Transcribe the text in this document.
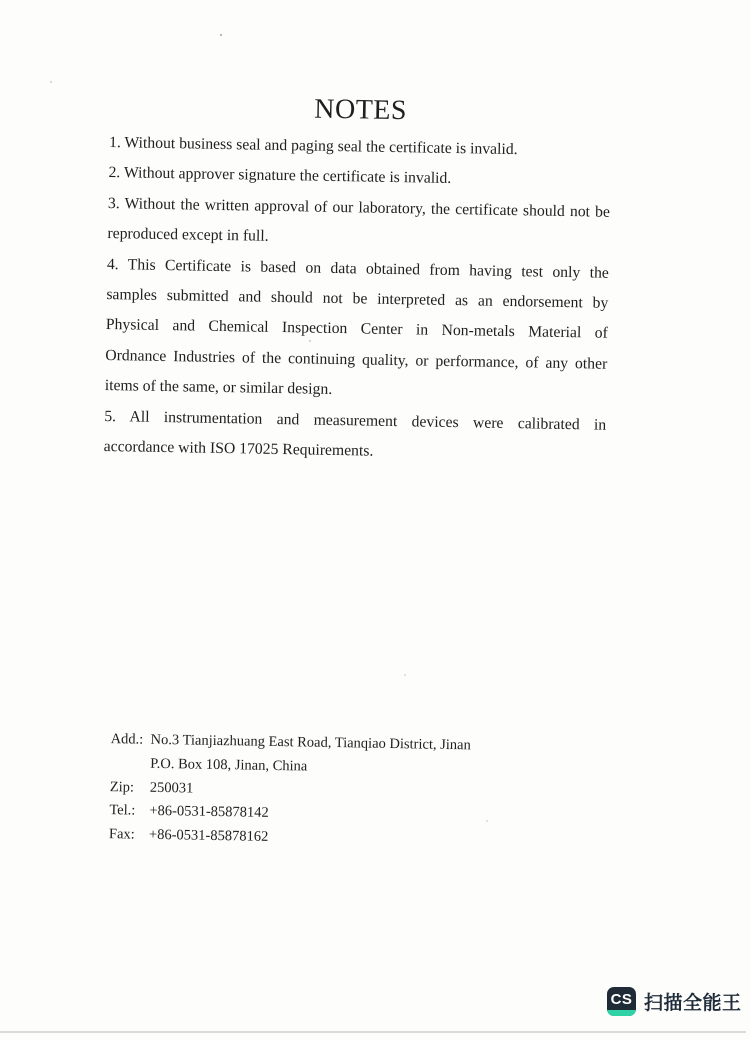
NOTES
1. Without business seal and paging seal the certificate is invalid.
2. Without approver signature the certificate is invalid.
3. Without the written approval of our laboratory, the certificate should not be
reproduced except in full.
4. This Certificate is based on data obtained from having test only the
samples submitted and should not be interpreted as an endorsement by
Physical and Chemical Inspection Center in Non-metals Material of
Ordnance Industries of the continuing quality, or performance, of any other
items of the same, or similar design.
5. All instrumentation and measurement devices were calibrated in
accordance with ISO 17025 Requirements.
Add.: No.3 Tianjiazhuang East Road, Tianqiao District, Jinan
P.O. Box 108, Jinan, China
Zip: 250031
Tel.: +86-0531-85878142
Fax: +86-0531-85878162
CS 扫描全能王
